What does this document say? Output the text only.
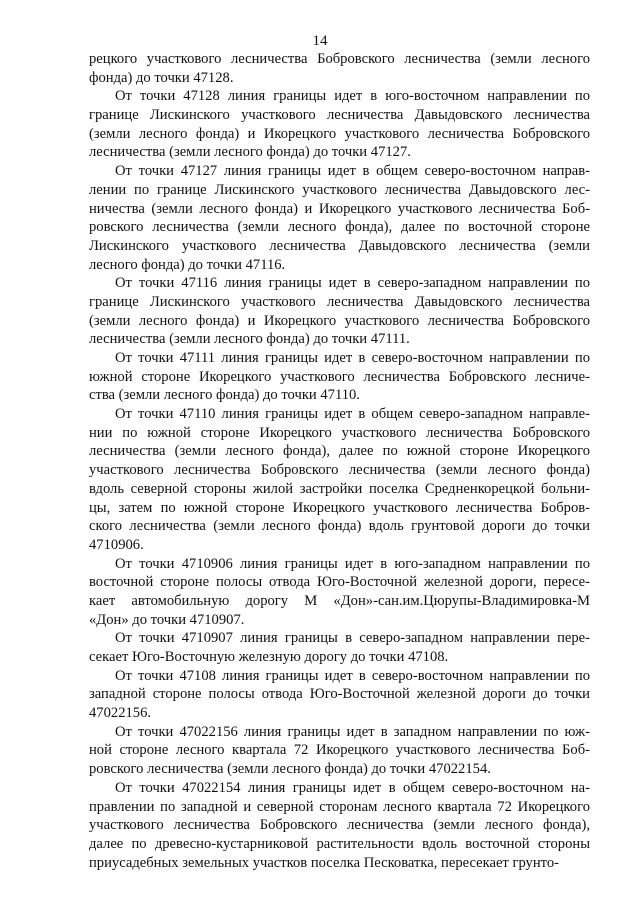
14
рецкого участкового лесничества Бобровского лесничества (земли лесного
фонда) до точки 47128.
От точки 47128 линия границы идет в юго-восточном направлении по
границе Лискинского участкового лесничества Давыдовского лесничества
(земли лесного фонда) и Икорецкого участкового лесничества Бобровского
лесничества (земли лесного фонда) до точки 47127.
От точки 47127 линия границы идет в общем северо-восточном направ-
лении по границе Лискинского участкового лесничества Давыдовского лес-
ничества (земли лесного фонда) и Икорецкого участкового лесничества Боб-
ровского лесничества (земли лесного фонда), далее по восточной стороне
Лискинского участкового лесничества Давыдовского лесничества (земли
лесного фонда) до точки 47116.
От точки 47116 линия границы идет в северо-западном направлении по
границе Лискинского участкового лесничества Давыдовского лесничества
(земли лесного фонда) и Икорецкого участкового лесничества Бобровского
лесничества (земли лесного фонда) до точки 47111.
От точки 47111 линия границы идет в северо-восточном направлении по
южной стороне Икорецкого участкового лесничества Бобровского лесниче-
ства (земли лесного фонда) до точки 47110.
От точки 47110 линия границы идет в общем северо-западном направле-
нии по южной стороне Икорецкого участкового лесничества Бобровского
лесничества (земли лесного фонда), далее по южной стороне Икорецкого
участкового лесничества Бобровского лесничества (земли лесного фонда)
вдоль северной стороны жилой застройки поселка Средненкорецкой больни-
цы, затем по южной стороне Икорецкого участкового лесничества Бобров-
ского лесничества (земли лесного фонда) вдоль грунтовой дороги до точки
4710906.
От точки 4710906 линия границы идет в юго-западном направлении по
восточной стороне полосы отвода Юго-Восточной железной дороги, пересе-
кает автомобильную дорогу М «Дон»-сан.им.Цюрупы-Владимировка-М
«Дон» до точки 4710907.
От точки 4710907 линия границы в северо-западном направлении пере-
секает Юго-Восточную железную дорогу до точки 47108.
От точки 47108 линия границы идет в северо-восточном направлении по
западной стороне полосы отвода Юго-Восточной железной дороги до точки
47022156.
От точки 47022156 линия границы идет в западном направлении по юж-
ной стороне лесного квартала 72 Икорецкого участкового лесничества Боб-
ровского лесничества (земли лесного фонда) до точки 47022154.
От точки 47022154 линия границы идет в общем северо-восточном на-
правлении по западной и северной сторонам лесного квартала 72 Икорецкого
участкового лесничества Бобровского лесничества (земли лесного фонда),
далее по древесно-кустарниковой растительности вдоль восточной стороны
приусадебных земельных участков поселка Песковатка, пересекает грунто-
